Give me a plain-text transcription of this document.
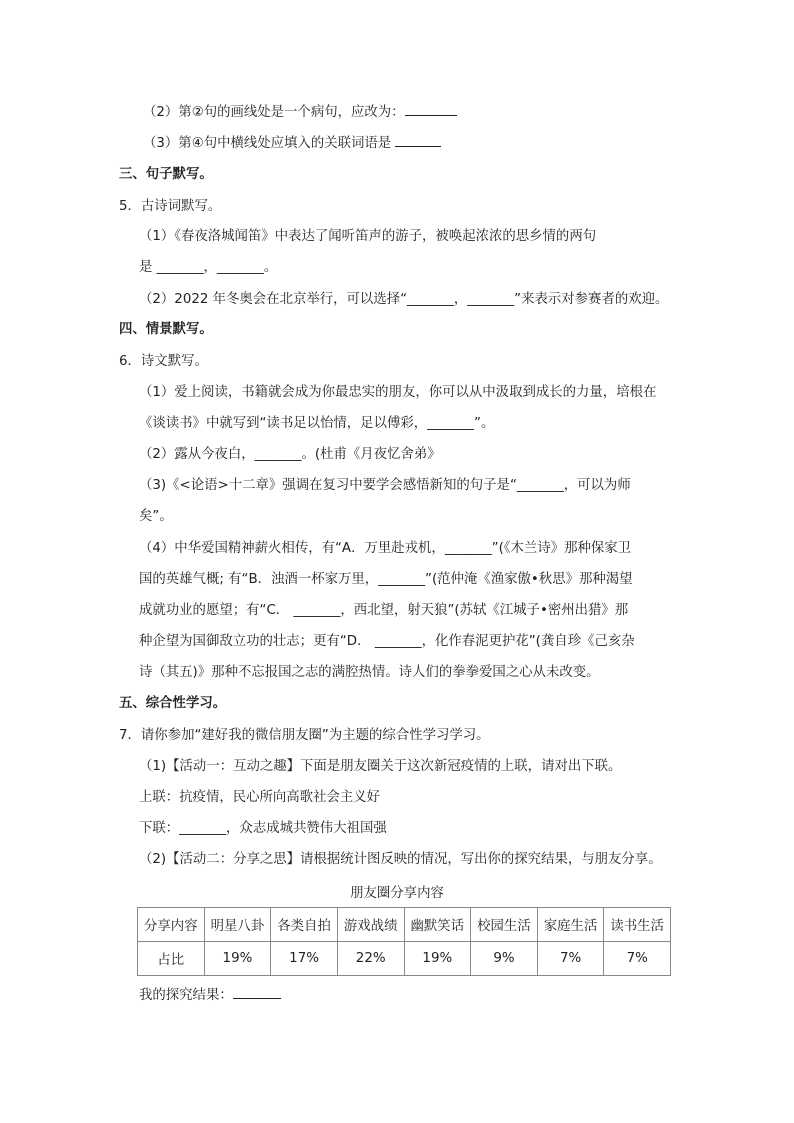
（2）第②句的画线处是一个病句，应改为：
（3）第④句中横线处应填入的关联词语是
三、句子默写。
5．古诗词默写。
（1）《春夜洛城闻笛》中表达了闻听笛声的游子，被唤起浓浓的思乡情的两句
是 _______，_______。
（2）2022 年冬奥会在北京举行，可以选择“_______，_______”来表示对参赛者的欢迎。
四、情景默写。
6．诗文默写。
（1）爱上阅读，书籍就会成为你最忠实的朋友，你可以从中汲取到成长的力量，培根在
《谈读书》中就写到“读书足以怡情，足以傅彩，_______”。
（2）露从今夜白，_______。(杜甫《月夜忆舍弟》
（3)《<论语>十二章》强调在复习中要学会感悟新知的句子是“_______，可以为师
矣”。
（4）中华爱国精神薪火相传，有“A．万里赴戎机，_______”(《木兰诗》那种保家卫
国的英雄气概; 有“B．浊酒一杯家万里，_______”(范仲淹《渔家傲•秋思》那种渴望
成就功业的愿望；有“C． _______，西北望，射天狼”(苏轼《江城子•密州出猎》那
种企望为国御敌立功的壮志；更有“D． _______，化作春泥更护花”(龚自珍《己亥杂
诗（其五)》那种不忘报国之志的满腔热情。诗人们的拳拳爱国之心从未改变。
五、综合性学习。
7．请你参加“建好我的微信朋友圈”为主题的综合性学习学习。
（1)【活动一：互动之趣】下面是朋友圈关于这次新冠疫情的上联，请对出下联。
上联：抗疫情，民心所向高歌社会主义好
下联：_______，众志成城共赞伟大祖国强
（2)【活动二：分享之思】请根据统计图反映的情况，写出你的探究结果，与朋友分享。
我的探究结果：
朋友圈分享内容
分享内容	明星八卦	各类自拍	游戏战绩	幽默笑话	校园生活	家庭生活	读书生活
占比	19%	17%	22%	19%	9%	7%	7%
